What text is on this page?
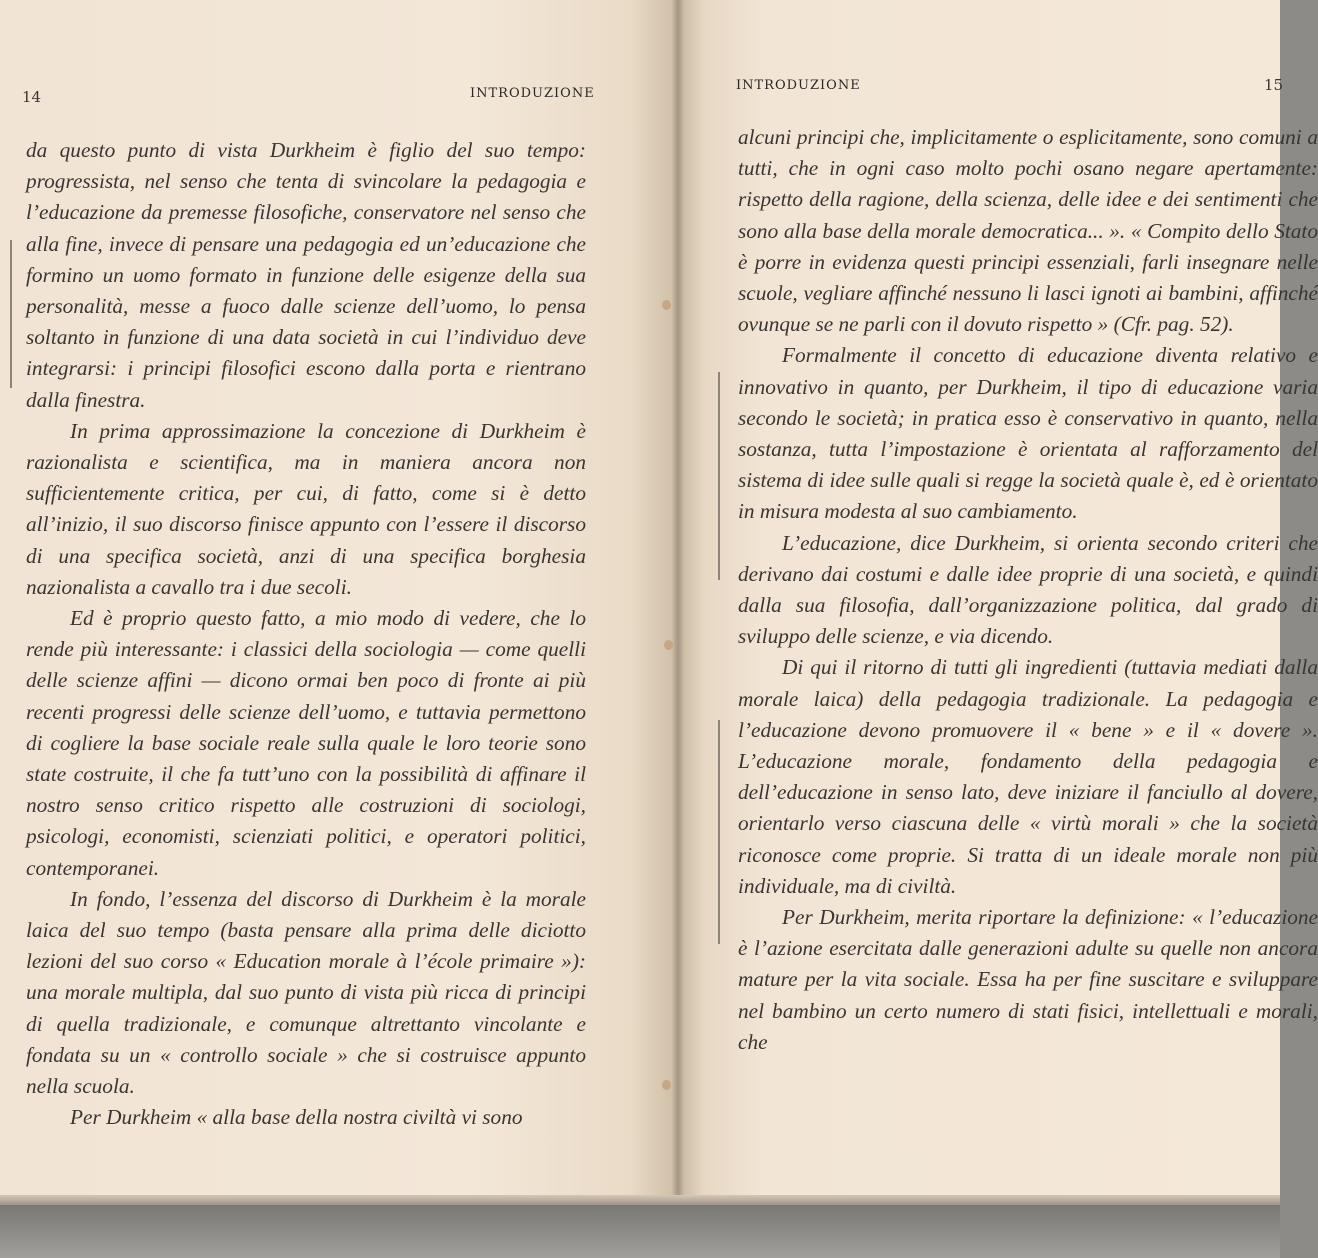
14	INTRODUZIONE
INTRODUZIONE	15

da questo punto di vista Durkheim è figlio del suo tempo: progressista, nel senso che tenta di svincolare la pedagogia e l’educazione da premesse filosofiche, conservatore nel senso che alla fine, invece di pensare una pedagogia ed un’educazione che formino un uomo formato in funzione delle esigenze della sua personalità, messe a fuoco dalle scienze dell’uomo, lo pensa soltanto in funzione di una data società in cui l’individuo deve integrarsi: i principi filosofici escono dalla porta e rientrano dalla finestra.

In prima approssimazione la concezione di Durkheim è razionalista e scientifica, ma in maniera ancora non sufficientemente critica, per cui, di fatto, come si è detto all’inizio, il suo discorso finisce appunto con l’essere il discorso di una specifica società, anzi di una specifica borghesia nazionalista a cavallo tra i due secoli.

Ed è proprio questo fatto, a mio modo di vedere, che lo rende più interessante: i classici della sociologia — come quelli delle scienze affini — dicono ormai ben poco di fronte ai più recenti progressi delle scienze dell’uomo, e tuttavia permettono di cogliere la base sociale reale sulla quale le loro teorie sono state costruite, il che fa tutt’uno con la possibilità di affinare il nostro senso critico rispetto alle costruzioni di sociologi, psicologi, economisti, scienziati politici, e operatori politici, contemporanei.

In fondo, l’essenza del discorso di Durkheim è la morale laica del suo tempo (basta pensare alla prima delle diciotto lezioni del suo corso « Education morale à l’école primaire »): una morale multipla, dal suo punto di vista più ricca di principi di quella tradizionale, e comunque altrettanto vincolante e fondata su un « controllo sociale » che si costruisce appunto nella scuola.

Per Durkheim « alla base della nostra civiltà vi sono

alcuni principi che, implicitamente o esplicitamente, sono comuni a tutti, che in ogni caso molto pochi osano negare apertamente: rispetto della ragione, della scienza, delle idee e dei sentimenti che sono alla base della morale democratica... ». « Compito dello Stato è porre in evidenza questi principi essenziali, farli insegnare nelle scuole, vegliare affinché nessuno li lasci ignoti ai bambini, affinché ovunque se ne parli con il dovuto rispetto » (Cfr. pag. 52).

Formalmente il concetto di educazione diventa relativo e innovativo in quanto, per Durkheim, il tipo di educazione varia secondo le società; in pratica esso è conservativo in quanto, nella sostanza, tutta l’impostazione è orientata al rafforzamento del sistema di idee sulle quali si regge la società quale è, ed è orientato in misura modesta al suo cambiamento.

L’educazione, dice Durkheim, si orienta secondo criteri che derivano dai costumi e dalle idee proprie di una società, e quindi dalla sua filosofia, dall’organizzazione politica, dal grado di sviluppo delle scienze, e via dicendo.

Di qui il ritorno di tutti gli ingredienti (tuttavia mediati dalla morale laica) della pedagogia tradizionale. La pedagogia e l’educazione devono promuovere il « bene » e il « dovere ». L’educazione morale, fondamento della pedagogia e dell’educazione in senso lato, deve iniziare il fanciullo al dovere, orientarlo verso ciascuna delle « virtù morali » che la società riconosce come proprie. Si tratta di un ideale morale non più individuale, ma di civiltà.

Per Durkheim, merita riportare la definizione: « l’educazione è l’azione esercitata dalle generazioni adulte su quelle non ancora mature per la vita sociale. Essa ha per fine suscitare e sviluppare nel bambino un certo numero di stati fisici, intellettuali e morali, che
